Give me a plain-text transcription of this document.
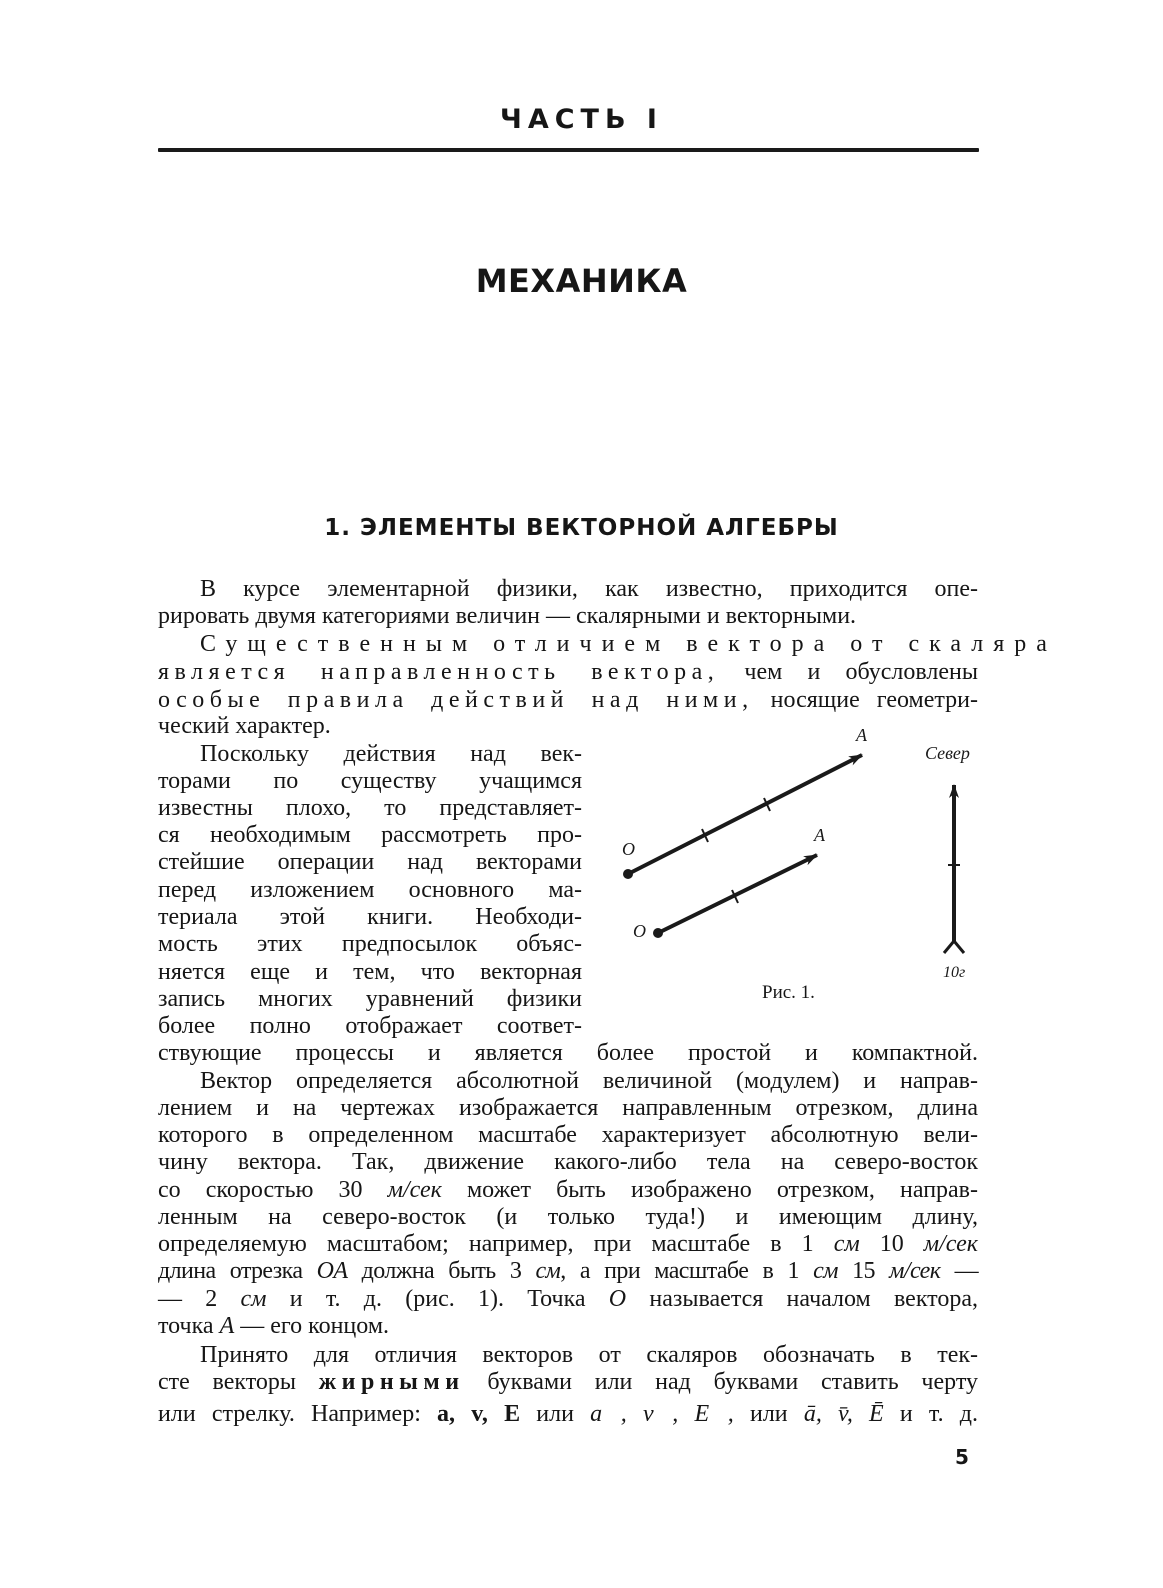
ЧАСТЬ I
МЕХАНИКА
1. ЭЛЕМЕНТЫ ВЕКТОРНОЙ АЛГЕБРЫ
В курсе элементарной физики, как известно, приходится опе-
рировать двумя категориями величин — скалярными и векторными.
Существенным отличием вектора от скаляра
является направленность вектора, чем и обусловлены
особые правила действий над ними, носящие геометри-
ческий характер.
Поскольку действия над век-
торами по существу учащимся
известны плохо, то представляет-
ся необходимым рассмотреть про-
стейшие операции над векторами
перед изложением основного ма-
териала этой книги. Необходи-
мость этих предпосылок объяс-
няется еще и тем, что векторная
запись многих уравнений физики
более полно отображает соответ-
ствующие процессы и является более простой и компактной.
Вектор определяется абсолютной величиной (модулем) и направ-
лением и на чертежах изображается направленным отрезком, длина
которого в определенном масштабе характеризует абсолютную вели-
чину вектора. Так, движение какого-либо тела на северо-восток
со скоростью 30 м/сек может быть изображено отрезком, направ-
ленным на северо-восток (и только туда!) и имеющим длину,
определяемую масштабом; например, при масштабе в 1 см 10 м/сек
длина отрезка OA должна быть 3 см, а при масштабе в 1 см 15 м/сек —
— 2 см и т. д. (рис. 1). Точка O называется началом вектора,
точка A — его концом.
Принято для отличия векторов от скаляров обозначать в тек-
сте векторы жирными буквами или над буквами ставить черту
или стрелку. Например: a, v, E или a⃗, v⃗, E⃗, или ā, v̄, Ē и т. д.
O
A
O
A
Север
10г
Рис. 1.
5
